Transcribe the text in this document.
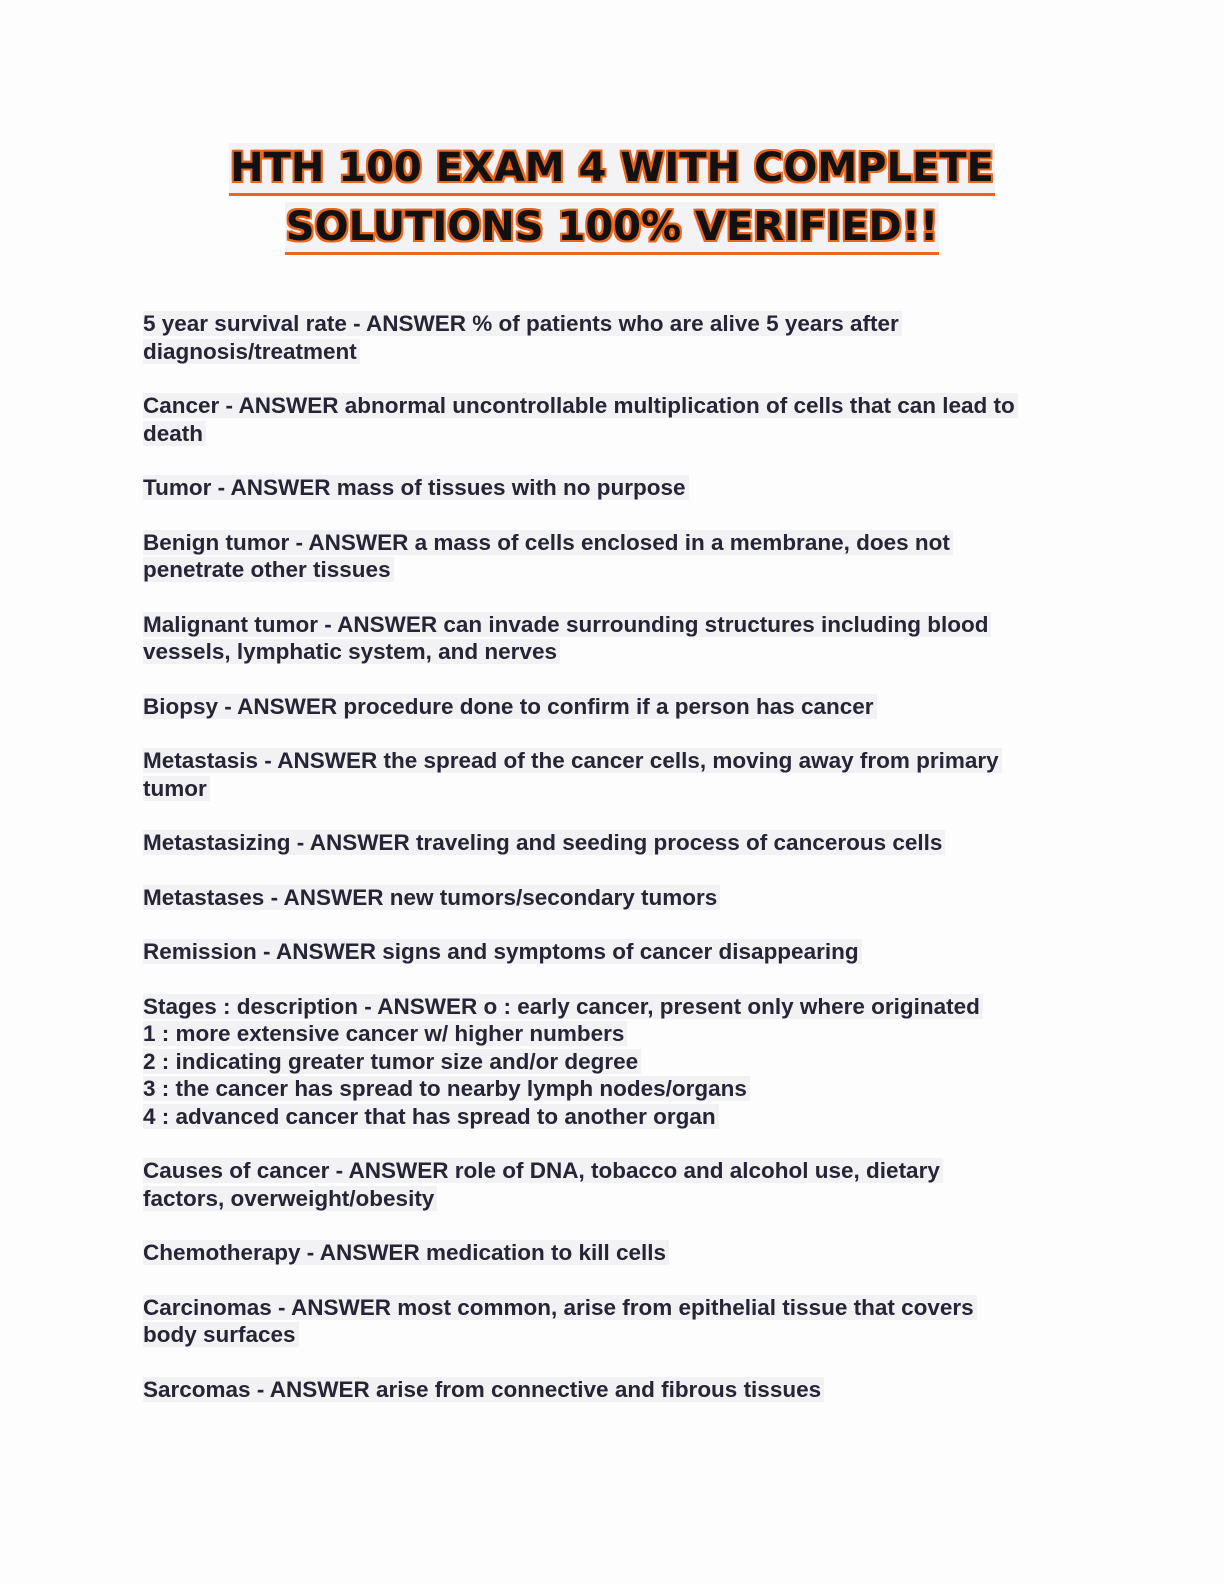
HTH 100 EXAM 4 WITH COMPLETE
SOLUTIONS 100% VERIFIED!!
5 year survival rate - ANSWER % of patients who are alive 5 years after
diagnosis/treatment
Cancer - ANSWER abnormal uncontrollable multiplication of cells that can lead to
death
Tumor - ANSWER mass of tissues with no purpose
Benign tumor - ANSWER a mass of cells enclosed in a membrane, does not
penetrate other tissues
Malignant tumor - ANSWER can invade surrounding structures including blood
vessels, lymphatic system, and nerves
Biopsy - ANSWER procedure done to confirm if a person has cancer
Metastasis - ANSWER the spread of the cancer cells, moving away from primary
tumor
Metastasizing - ANSWER traveling and seeding process of cancerous cells
Metastases - ANSWER new tumors/secondary tumors
Remission - ANSWER signs and symptoms of cancer disappearing
Stages : description - ANSWER o : early cancer, present only where originated
1 : more extensive cancer w/ higher numbers
2 : indicating greater tumor size and/or degree
3 : the cancer has spread to nearby lymph nodes/organs
4 : advanced cancer that has spread to another organ
Causes of cancer - ANSWER role of DNA, tobacco and alcohol use, dietary
factors, overweight/obesity
Chemotherapy - ANSWER medication to kill cells
Carcinomas - ANSWER most common, arise from epithelial tissue that covers
body surfaces
Sarcomas - ANSWER arise from connective and fibrous tissues
